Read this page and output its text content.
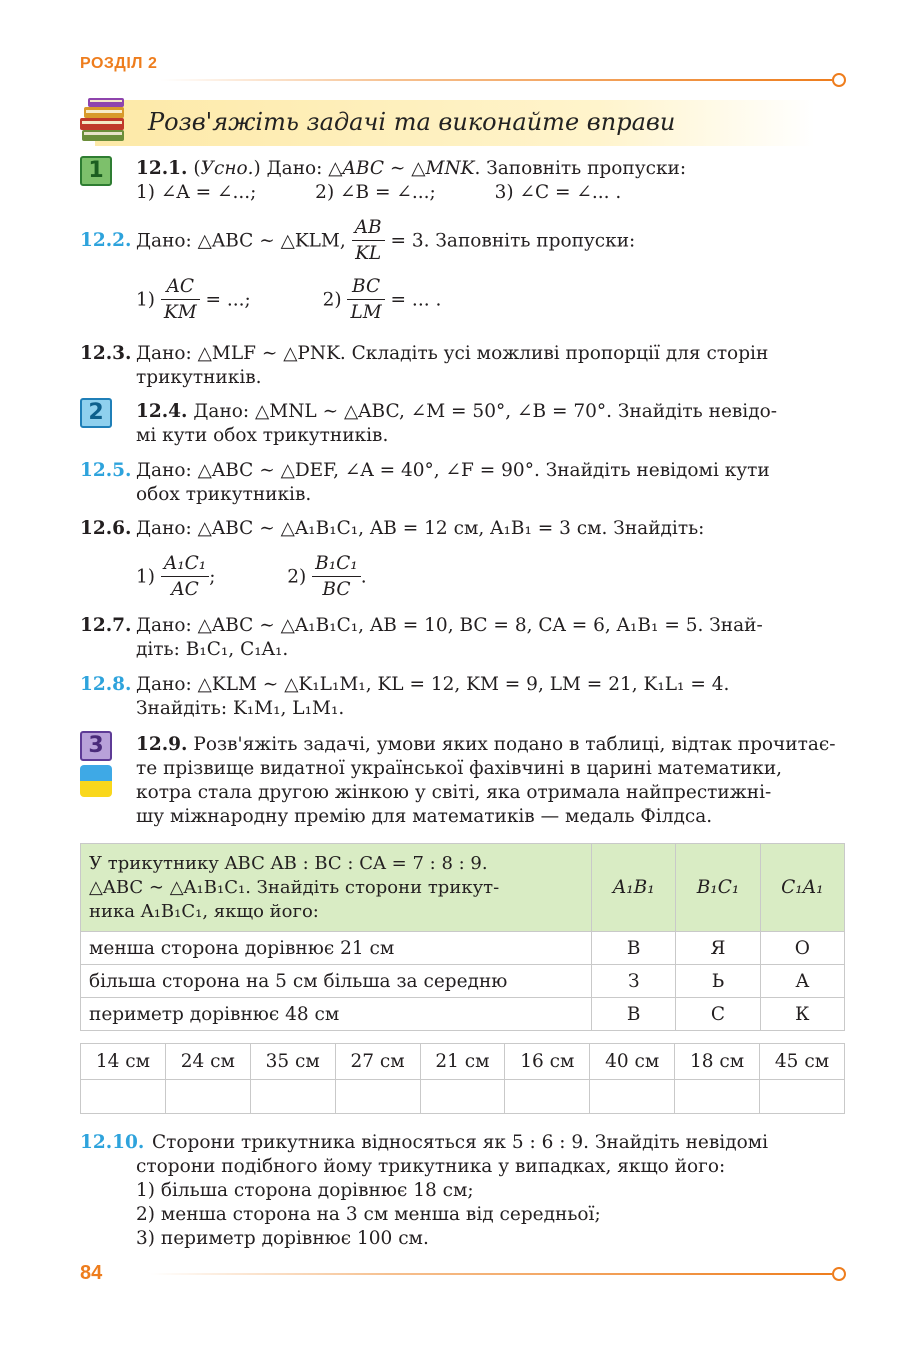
РОЗДІЛ 2
Розв'яжіть задачі та виконайте вправи
1
2
3
12.1. (Усно.) Дано: △ABC ∼ △MNK. Заповніть пропуски:
1) ∠A = ∠...;          2) ∠B = ∠...;          3) ∠C = ∠... .
12.2. Дано: △ABC ∼ △KLM, $\frac{AB}{KL} = 3$. Заповніть пропуски:
$1) \frac{AC}{KM}$ = ...;	$2) \frac{BC}{LM}$ = ... .
12.3. Дано: △MLF ∼ △PNK. Складіть усі можливі пропорції для сторін
трикутників.
12.4. Дано: △MNL ∼ △ABC, ∠M = 50°, ∠B = 70°. Знайдіть невідо-
мі кути обох трикутників.
12.5. Дано: △ABC ∼ △DEF, ∠A = 40°, ∠F = 90°. Знайдіть невідомі кути
обох трикутників.
12.6. Дано: △ABC ∼ △A₁B₁C₁, AB = 12 см, A₁B₁ = 3 см. Знайдіть:
$1) \frac{\text{A₁C₁}}{AC}$ ;	$2) \frac{\text{B₁C₁}}{BC}$ .
12.7. Дано: △ABC ∼ △A₁B₁C₁, AB = 10, BC = 8, CA = 6, A₁B₁ = 5. Знай-
діть: B₁C₁, C₁A₁.
12.8. Дано: △KLM ∼ △K₁L₁M₁, KL = 12, KM = 9, LM = 21, K₁L₁ = 4.
Знайдіть: K₁M₁, L₁M₁.
12.9. Розв'яжіть задачі, умови яких подано в таблиці, відтак прочитає-
те прізвище видатної української фахівчині в царині математики,
котра стала другою жінкою у світі, яка отримала найпрестижні-
шу міжнародну премію для математиків — медаль Філдса.
У трикутнику ABC AB : BC : CA = 7 : 8 : 9.
△ABC ∼ △A₁B₁C₁. Знайдіть сторони трикут-
ника A₁B₁C₁, якщо його:	A₁B₁	B₁C₁	C₁A₁
менша сторона дорівнює 21 см	В	Я	О
більша сторона на 5 см більша за середню	З	Ь	А
периметр дорівнює 48 см	В	С	К
14 см	24 см	35 см	27 см	21 см	16 см	40 см	18 см	45 см

12.10. Сторони трикутника відносяться як 5 : 6 : 9. Знайдіть невідомі
сторони подібного йому трикутника у випадках, якщо його:
1) більша сторона дорівнює 18 см;
2) менша сторона на 3 см менша від середньої;
3) периметр дорівнює 100 см.
84
